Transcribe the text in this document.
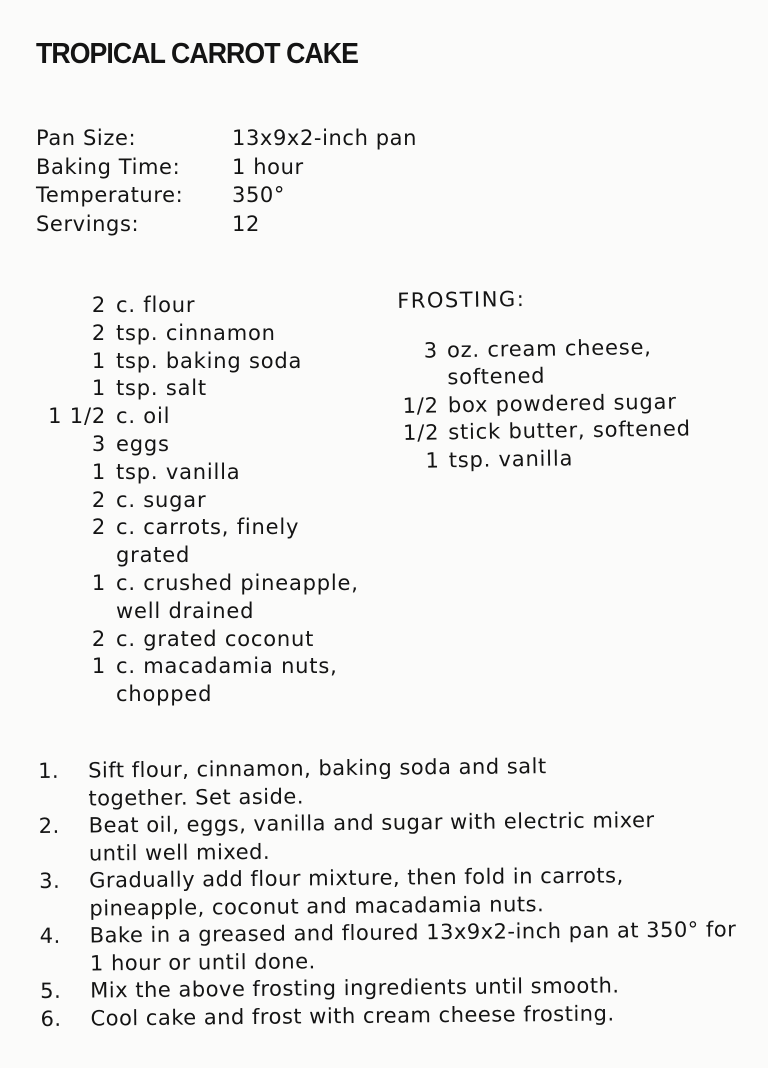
TROPICAL CARROT CAKE
Pan Size:	13x9x2-inch pan
Baking Time:	1 hour
Temperature:	350°
Servings:	12
2 c. flour
2 tsp. cinnamon
1 tsp. baking soda
1 tsp. salt
1 1/2 c. oil
3 eggs
1 tsp. vanilla
2 c. sugar
2 c. carrots, finely grated
1 c. crushed pineapple, well drained
2 c. grated coconut
1 c. macadamia nuts, chopped
FROSTING:
3 oz. cream cheese, softened
1/2 box powdered sugar
1/2 stick butter, softened
1 tsp. vanilla
1.	Sift flour, cinnamon, baking soda and salt together. Set aside.
2.	Beat oil, eggs, vanilla and sugar with electric mixer until well mixed.
3.	Gradually add flour mixture, then fold in carrots, pineapple, coconut and macadamia nuts.
4.	Bake in a greased and floured 13x9x2-inch pan at 350° for 1 hour or until done.
5.	Mix the above frosting ingredients until smooth.
6.	Cool cake and frost with cream cheese frosting.
